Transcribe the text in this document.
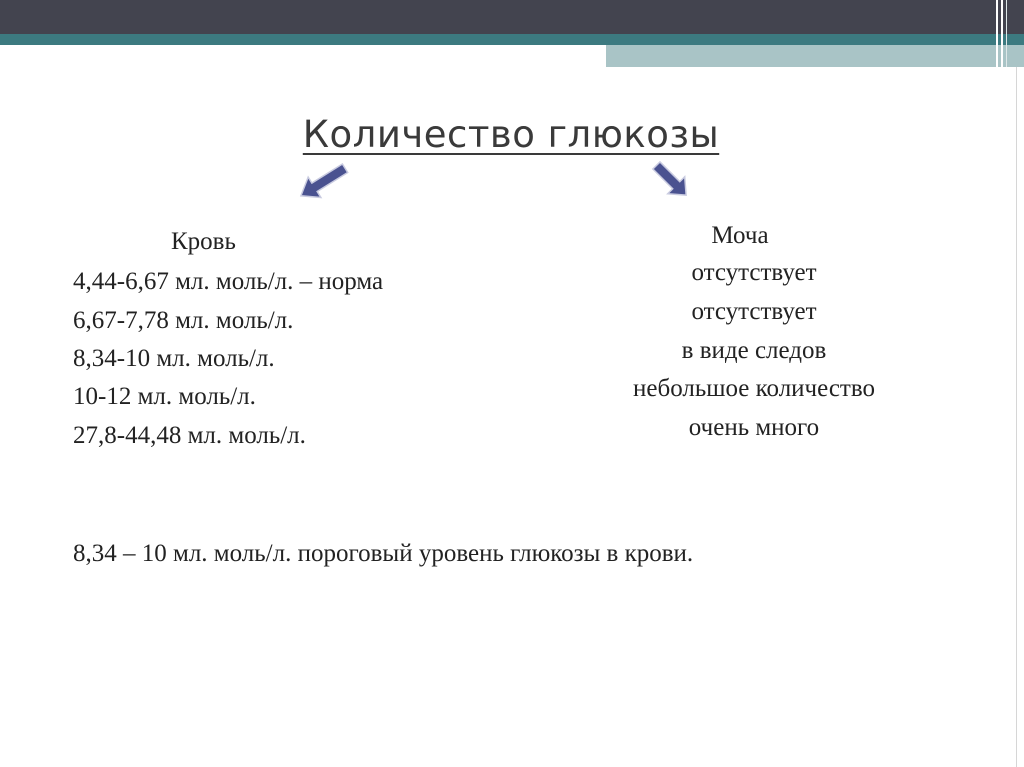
Количество глюкозы
Кровь
4,44-6,67 мл. моль/л. – норма
6,67-7,78 мл. моль/л.
8,34-10 мл. моль/л.
10-12 мл. моль/л.
27,8-44,48 мл. моль/л.
Моча
отсутствует
отсутствует
в виде следов
небольшое количество
очень много
8,34 – 10 мл. моль/л. пороговый уровень глюкозы в крови.
